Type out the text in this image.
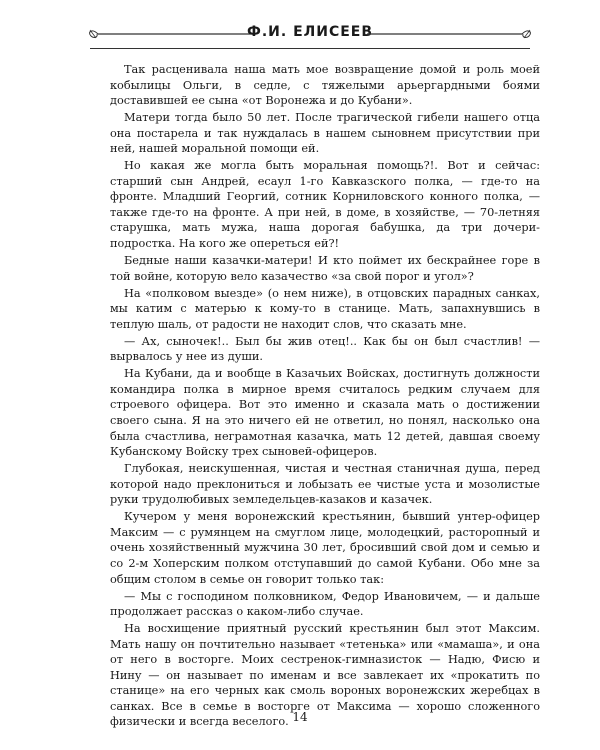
Ф.И. ЕЛИСЕЕВ

Так расценивала наша мать мое возвращение домой и роль моей кобылицы Ольги, в седле, с тяжелыми арьергардными боями доставившей ее сына «от Воронежа и до Кубани».

Матери тогда было 50 лет. После трагической гибели нашего отца она постарела и так нуждалась в нашем сыновнем присутствии при ней, нашей моральной помощи ей.

Но какая же могла быть моральная помощь?!. Вот и сейчас: старший сын Андрей, есаул 1-го Кавказского полка, — где-то на фронте. Младший Георгий, сотник Корниловского конного полка, — также где-то на фронте. А при ней, в доме, в хозяйстве, — 70-летняя старушка, мать мужа, наша дорогая бабушка, да три дочери-подростка. На кого же опереться ей?!

Бедные наши казачки-матери! И кто поймет их бескрайнее горе в той войне, которую вело казачество «за свой порог и угол»?

На «полковом выезде» (о нем ниже), в отцовских парадных санках, мы катим с матерью к кому-то в станице. Мать, запахнувшись в теплую шаль, от радости не находит слов, что сказать мне.

— Ах, сыночек!.. Был бы жив отец!.. Как бы он был счастлив! — вырвалось у нее из души.

На Кубани, да и вообще в Казачьих Войсках, достигнуть должности командира полка в мирное время считалось редким случаем для строевого офицера. Вот это именно и сказала мать о достижении своего сына. Я на это ничего ей не ответил, но понял, насколько она была счастлива, неграмотная казачка, мать 12 детей, давшая своему Кубанскому Войску трех сыновей-офицеров.

Глубокая, неискушенная, чистая и честная станичная душа, перед которой надо преклониться и лобызать ее чистые уста и мозолистые руки трудолюбивых земледельцев-казаков и казачек.

Кучером у меня воронежский крестьянин, бывший унтер-офицер Максим — с румянцем на смуглом лице, молодецкий, расторопный и очень хозяйственный мужчина 30 лет, бросивший свой дом и семью и со 2-м Хоперским полком отступавший до самой Кубани. Обо мне за общим столом в семье он говорит только так:

— Мы с господином полковником, Федор Ивановичем, — и дальше продолжает рассказ о каком-либо случае.

На восхищение приятный русский крестьянин был этот Максим. Мать нашу он почтительно называет «тетенька» или «мамаша», и она от него в восторге. Моих сестренок-гимназисток — Надю, Фисю и Нину — он называет по именам и все завлекает их «прокатить по станице» на его черных как смоль вороных воронежских жеребцах в санках. Все в семье в восторге от Максима — хорошо сложенного физически и всегда веселого. 14
